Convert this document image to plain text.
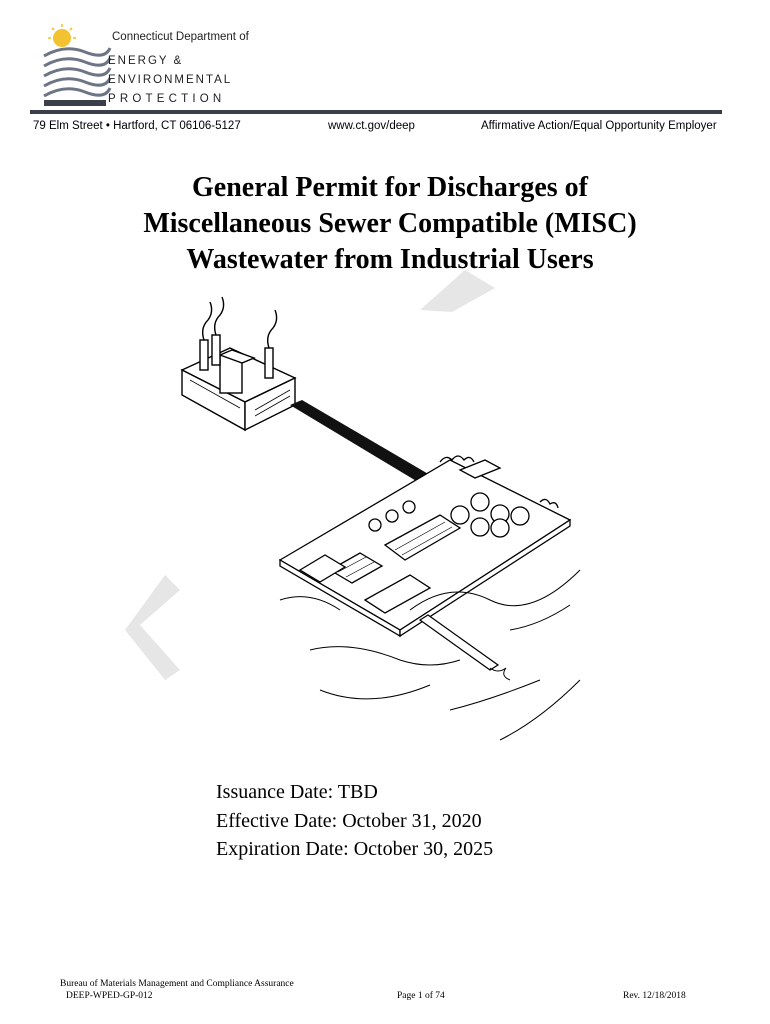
Connecticut Department of
ENERGY &
ENVIRONMENTAL
PROTECTION
79 Elm Street • Hartford, CT 06106-5127	www.ct.gov/deep	Affirmative Action/Equal Opportunity Employer
General Permit for Discharges of
Miscellaneous Sewer Compatible (MISC)
Wastewater from Industrial Users
Issuance Date: TBD
Effective Date: October 31, 2020
Expiration Date: October 30, 2025
Bureau of Materials Management and Compliance Assurance
DEEP-WPED-GP-012	Page 1 of 74	Rev. 12/18/2018
